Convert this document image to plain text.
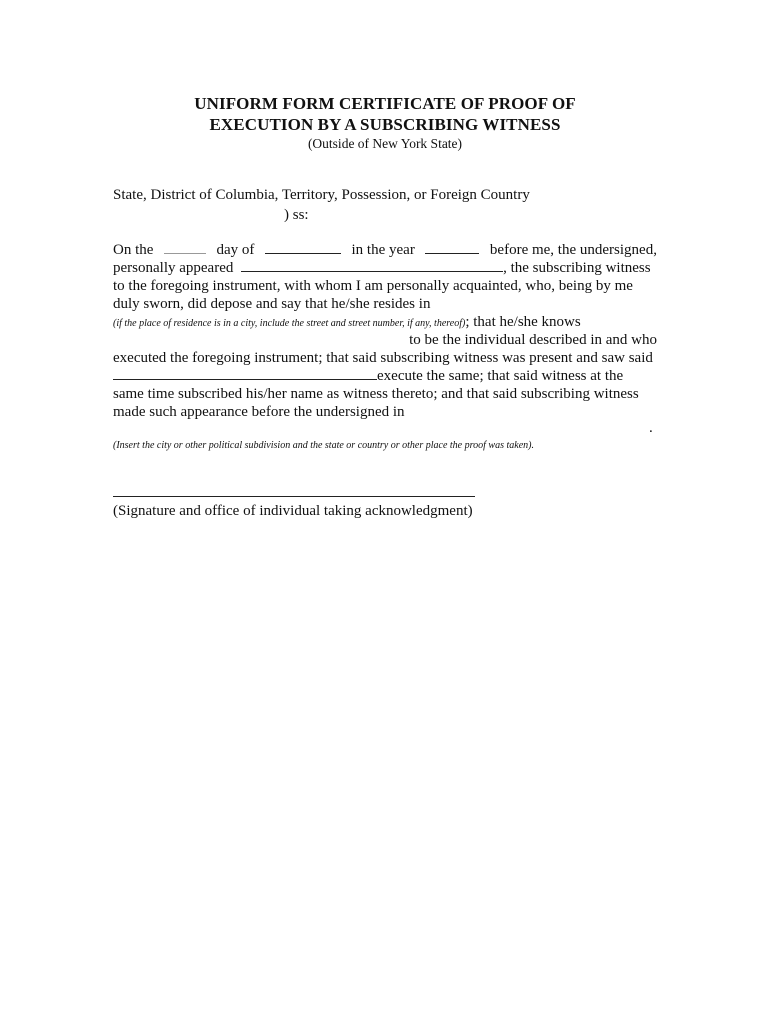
UNIFORM FORM CERTIFICATE OF PROOF OF
EXECUTION BY A SUBSCRIBING WITNESS
(Outside of New York State)
State, District of Columbia, Territory, Possession, or Foreign Country
) ss:
On the	day of	in the year	before me, the undersigned,
personally appeared	, the subscribing witness
to the foregoing instrument, with whom I am personally acquainted, who, being by me
duly sworn, did depose and say that he/she resides in
(if the place of residence is in a city, include the street and street number, if any, thereof); that he/she knows
to be the individual described in and who
executed the foregoing instrument; that said subscribing witness was present and saw said
execute the same; that said witness at the
same time subscribed his/her name as witness thereto; and that said subscribing witness
made such appearance before the undersigned in
.
(Insert the city or other political subdivision and the state or country or other place the proof was taken).
(Signature and office of individual taking acknowledgment)
